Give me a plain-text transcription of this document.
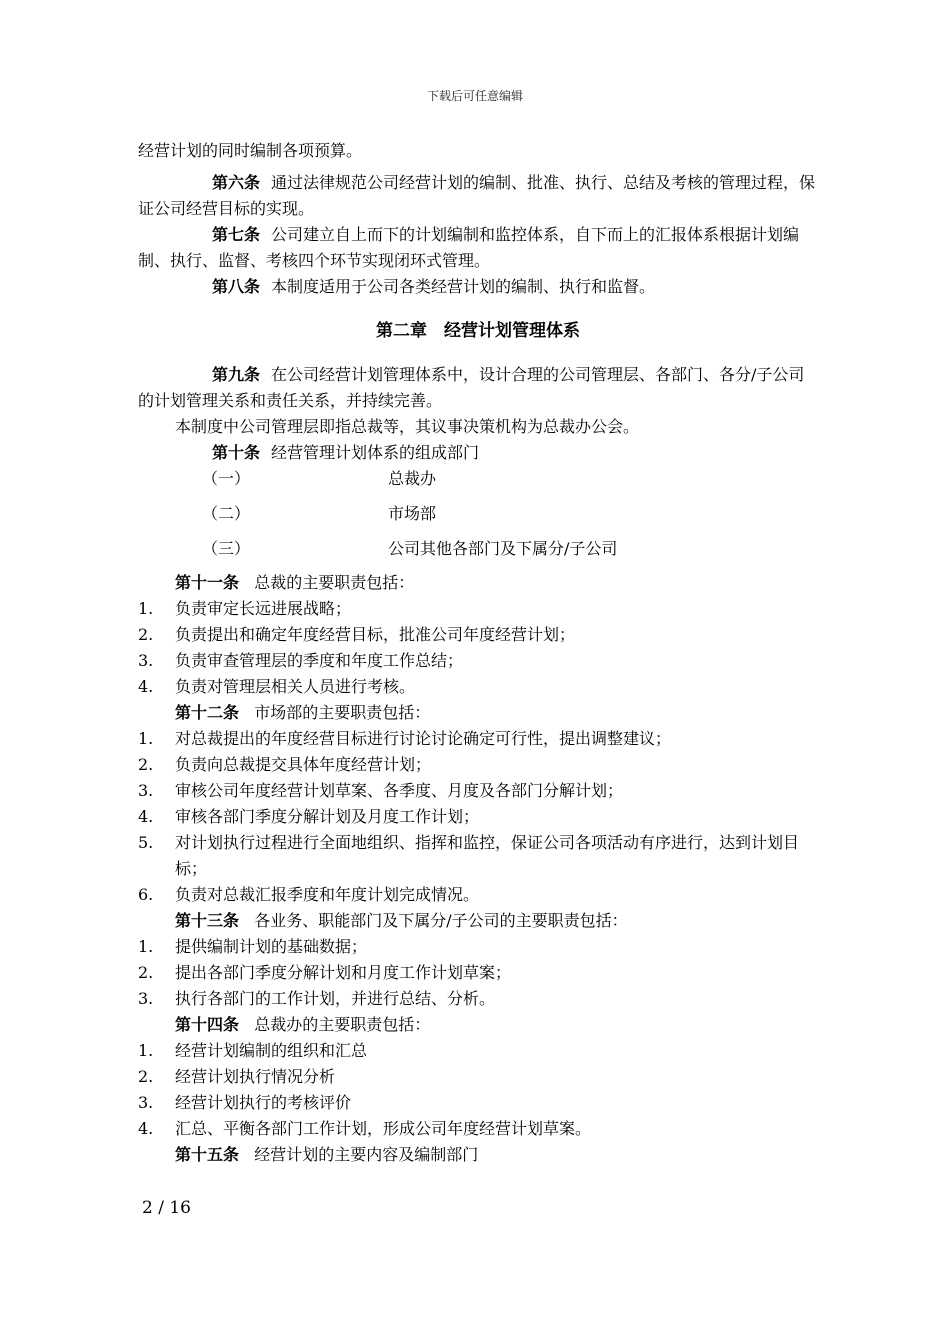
下载后可任意编辑

经营计划的同时编制各项预算。

第六条 通过法律规范公司经营计划的编制、批准、执行、总结及考核的管理过程，保证公司经营目标的实现。

第七条 公司建立自上而下的计划编制和监控体系，自下而上的汇报体系根据计划编制、执行、监督、考核四个环节实现闭环式管理。

第八条 本制度适用于公司各类经营计划的编制、执行和监督。

第二章　经营计划管理体系

第九条 在公司经营计划管理体系中，设计合理的公司管理层、各部门、各分/子公司的计划管理关系和责任关系，并持续完善。

本制度中公司管理层即指总裁等，其议事决策机构为总裁办公会。

第十条 经营管理计划体系的组成部门

（一）	总裁办
（二）	市场部
（三）	公司其他各部门及下属分/子公司

第十一条 总裁的主要职责包括：

1.	负责审定长远进展战略；
2.	负责提出和确定年度经营目标，批准公司年度经营计划；
3.	负责审查管理层的季度和年度工作总结；
4.	负责对管理层相关人员进行考核。

第十二条 市场部的主要职责包括：

1.	对总裁提出的年度经营目标进行讨论讨论确定可行性，提出调整建议；
2.	负责向总裁提交具体年度经营计划；
3.	审核公司年度经营计划草案、各季度、月度及各部门分解计划；
4.	审核各部门季度分解计划及月度工作计划；
5.	对计划执行过程进行全面地组织、指挥和监控，保证公司各项活动有序进行，达到计划目标；
6.	负责对总裁汇报季度和年度计划完成情况。

第十三条 各业务、职能部门及下属分/子公司的主要职责包括：

1.	提供编制计划的基础数据；
2.	提出各部门季度分解计划和月度工作计划草案；
3.	执行各部门的工作计划，并进行总结、分析。

第十四条 总裁办的主要职责包括：

1.	经营计划编制的组织和汇总
2.	经营计划执行情况分析
3.	经营计划执行的考核评价
4.	汇总、平衡各部门工作计划，形成公司年度经营计划草案。

第十五条 经营计划的主要内容及编制部门

2 / 16
